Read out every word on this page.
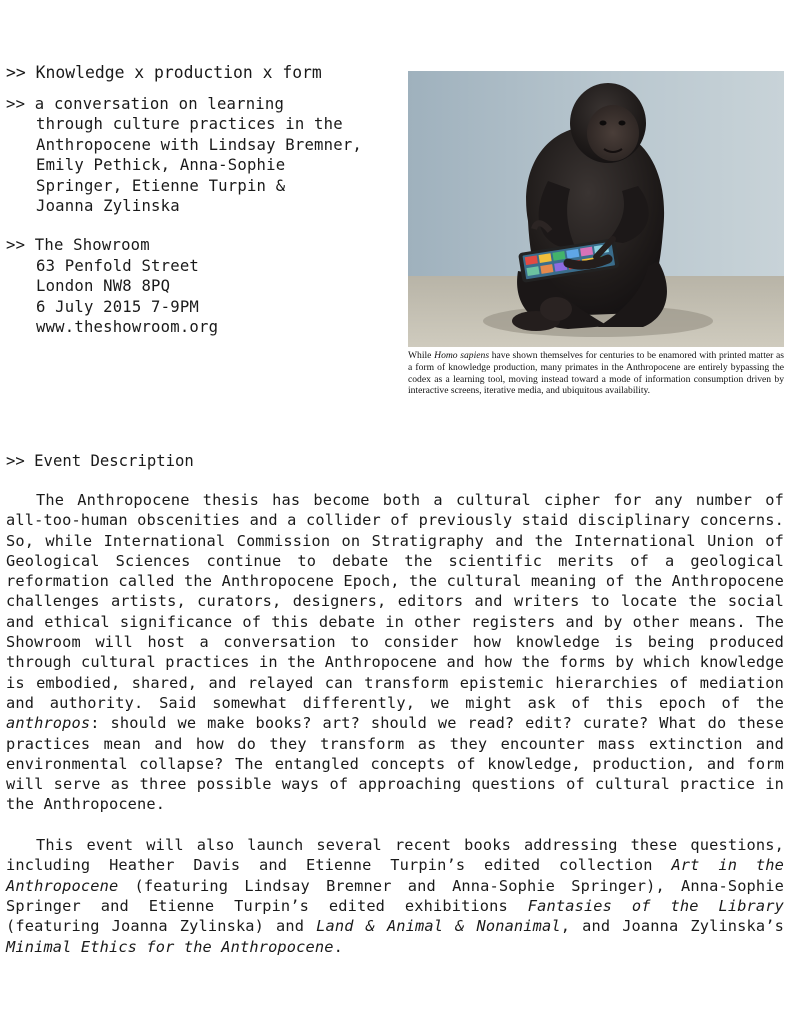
>> Knowledge x production x form
>> a conversation on learning
through culture practices in the
Anthropocene with Lindsay Bremner,
Emily Pethick, Anna-Sophie
Springer, Etienne Turpin &
Joanna Zylinska
>> The Showroom
63 Penfold Street
London NW8 8PQ
6 July 2015 7-9PM
www.theshowroom.org
While Homo sapiens have shown themselves for centuries to be enamored with printed matter as a form of knowledge production, many primates in the Anthropocene are entirely bypassing the codex as a learning tool, moving instead toward a mode of information consumption driven by interactive screens, iterative media, and ubiquitous availability.
>> Event Description

The Anthropocene thesis has become both a cultural cipher for any number of all-too-human obscenities and a collider of previously staid disciplinary concerns. So, while International Commission on Stratigraphy and the International Union of Geological Sciences continue to debate the scientific merits of a geological reformation called the Anthropocene Epoch, the cultural meaning of the Anthropocene challenges artists, curators, designers, editors and writers to locate the social and ethical significance of this debate in other registers and by other means. The Showroom will host a conversation to consider how knowledge is being produced through cultural practices in the Anthropocene and how the forms by which knowledge is embodied, shared, and relayed can transform epistemic hierarchies of mediation and authority. Said somewhat differently, we might ask of this epoch of the anthropos: should we make books? art? should we read? edit? curate? What do these practices mean and how do they transform as they encounter mass extinction and environmental collapse? The entangled concepts of knowledge, production, and form will serve as three possible ways of approaching questions of cultural practice in the Anthropocene.

This event will also launch several recent books addressing these questions, including Heather Davis and Etienne Turpin’s edited collection Art in the Anthropocene (featuring Lindsay Bremner and Anna-Sophie Springer), Anna-Sophie Springer and Etienne Turpin’s edited exhibitions Fantasies of the Library (featuring Joanna Zylinska) and Land & Animal & Nonanimal, and Joanna Zylinska’s Minimal Ethics for the Anthropocene.
